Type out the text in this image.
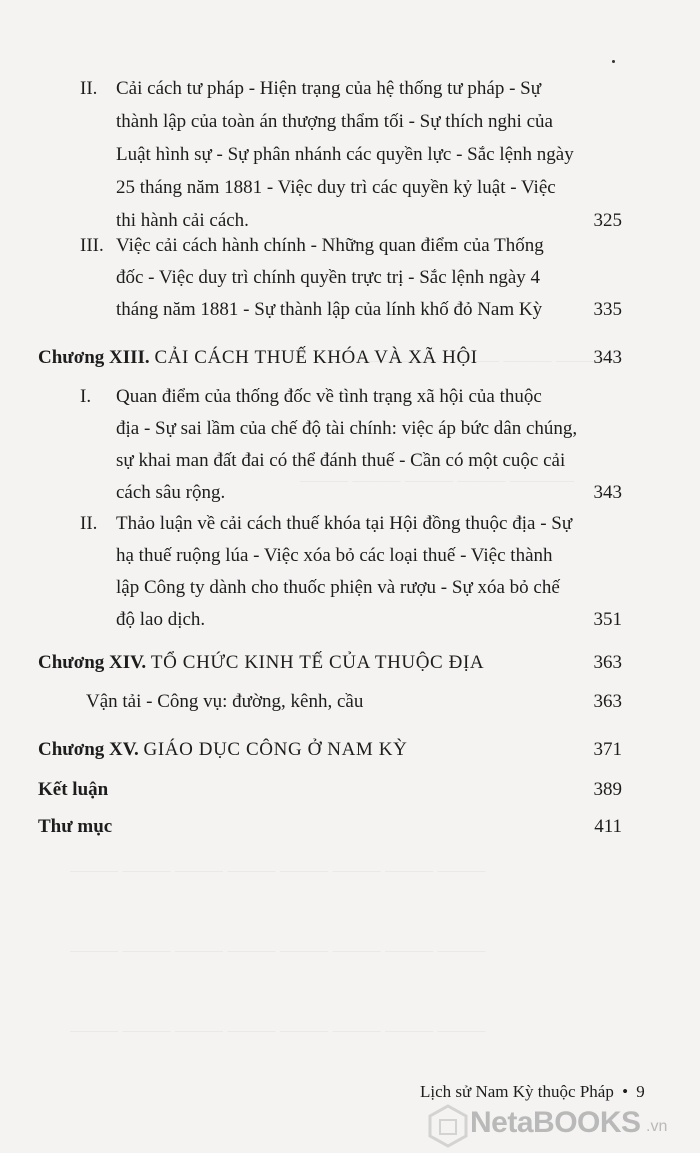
II. Cải cách tư pháp - Hiện trạng của hệ thống tư pháp - Sự
thành lập của toàn án thượng thẩm tối - Sự thích nghi của
Luật hình sự - Sự phân nhánh các quyền lực - Sắc lệnh ngày
25 tháng năm 1881 - Việc duy trì các quyền kỷ luật - Việc
thi hành cải cách.	325
III. Việc cải cách hành chính - Những quan điểm của Thống
đốc - Việc duy trì chính quyền trực trị - Sắc lệnh ngày 4
tháng năm 1881 - Sự thành lập của lính khố đỏ Nam Kỳ	335
Chương XIII. CẢI CÁCH THUẾ KHÓA VÀ XÃ HỘI	343
I. Quan điểm của thống đốc về tình trạng xã hội của thuộc
địa - Sự sai lầm của chế độ tài chính: việc áp bức dân chúng,
sự khai man đất đai có thể đánh thuế - Cần có một cuộc cải
cách sâu rộng.	343
II. Thảo luận về cải cách thuế khóa tại Hội đồng thuộc địa - Sự
hạ thuế ruộng lúa - Việc xóa bỏ các loại thuế - Việc thành
lập Công ty dành cho thuốc phiện và rượu - Sự xóa bỏ chế
độ lao dịch.	351
Chương XIV. TỔ CHỨC KINH TẾ CỦA THUỘC ĐỊA	363
Vận tải - Công vụ: đường, kênh, cầu	363
Chương XV. GIÁO DỤC CÔNG Ở NAM KỲ	371
Kết luận	389
Thư mục	411
Lịch sử Nam Kỳ thuộc Pháp • 9
NetaBOOKS .vn
